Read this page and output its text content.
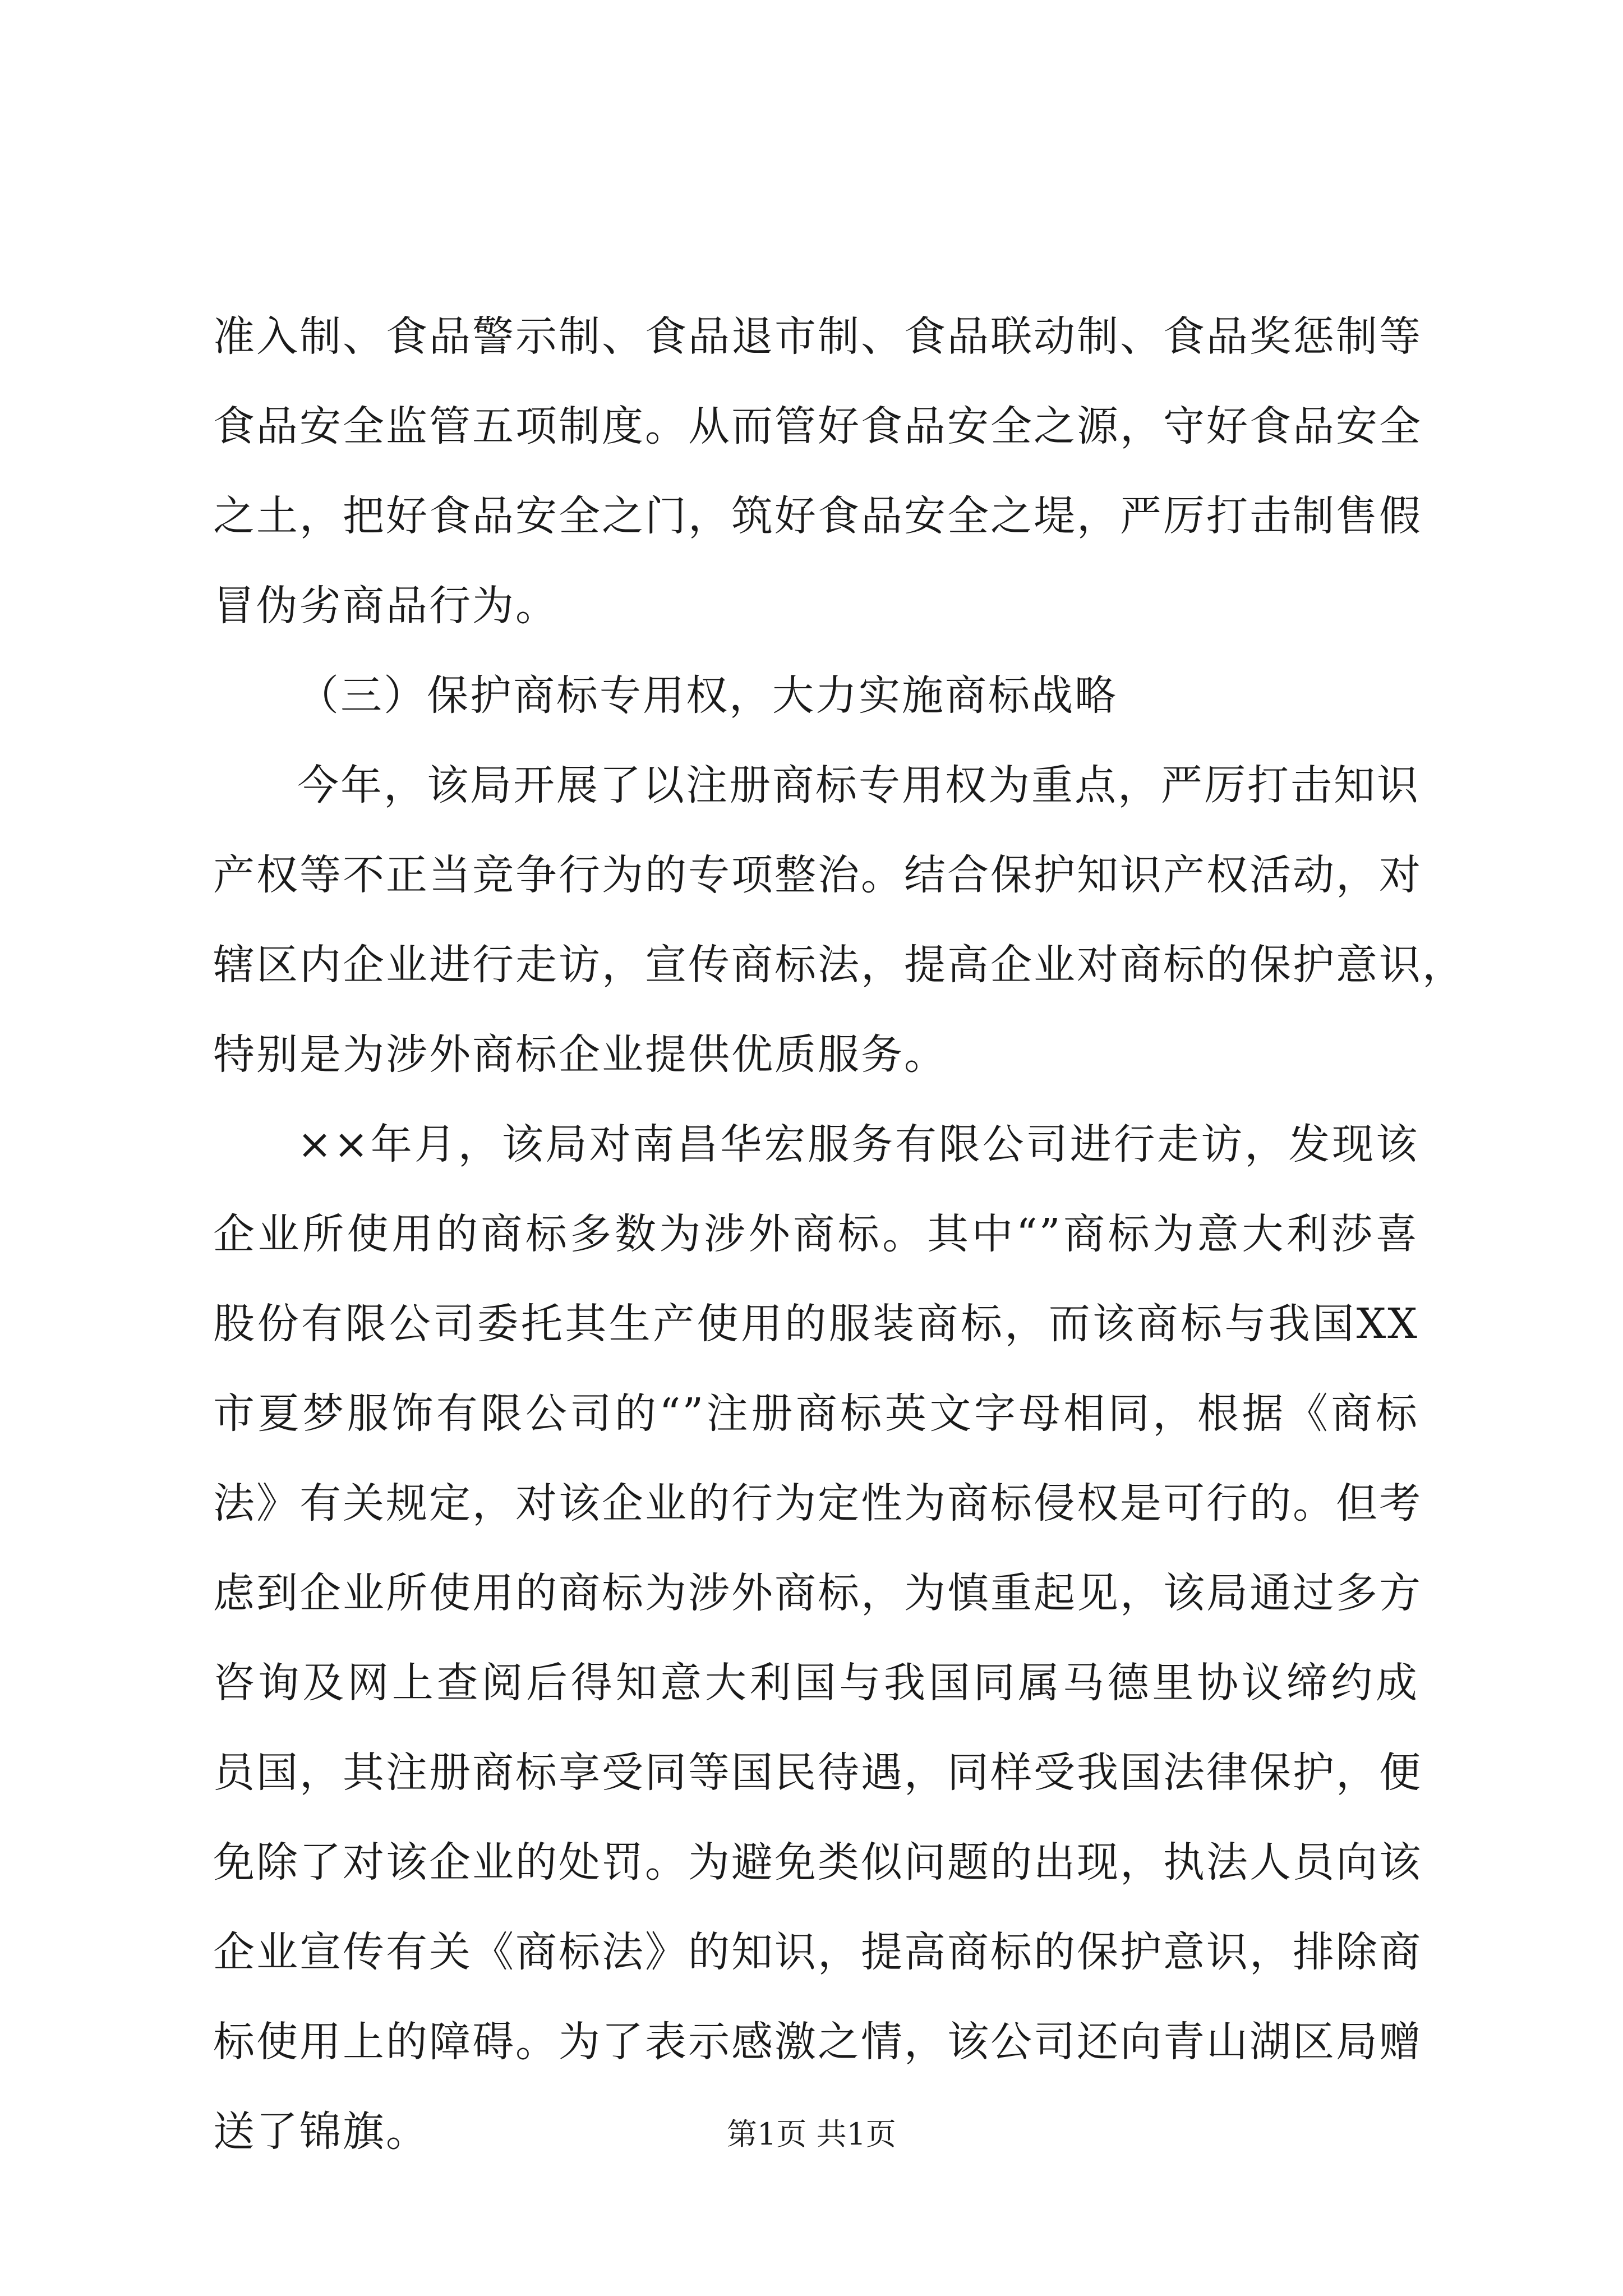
准入制、食品警示制、食品退市制、食品联动制、食品奖惩制等
食品安全监管五项制度。从而管好食品安全之源，守好食品安全
之土，把好食品安全之门，筑好食品安全之堤，严厉打击制售假
冒伪劣商品行为。
（三）保护商标专用权，大力实施商标战略
今年，该局开展了以注册商标专用权为重点，严厉打击知识
产权等不正当竞争行为的专项整治。结合保护知识产权活动，对
辖区内企业进行走访，宣传商标法，提高企业对商标的保护意识，
特别是为涉外商标企业提供优质服务。
××年月，该局对南昌华宏服务有限公司进行走访，发现该
企业所使用的商标多数为涉外商标。其中“”商标为意大利莎喜
股份有限公司委托其生产使用的服装商标，而该商标与我国XX
市夏梦服饰有限公司的“”注册商标英文字母相同，根据《商标
法》有关规定，对该企业的行为定性为商标侵权是可行的。但考
虑到企业所使用的商标为涉外商标，为慎重起见，该局通过多方
咨询及网上查阅后得知意大利国与我国同属马德里协议缔约成
员国，其注册商标享受同等国民待遇，同样受我国法律保护，便
免除了对该企业的处罚。为避免类似问题的出现，执法人员向该
企业宣传有关《商标法》的知识，提高商标的保护意识，排除商
标使用上的障碍。为了表示感激之情，该公司还向青山湖区局赠
送了锦旗。	第1页 共1页
